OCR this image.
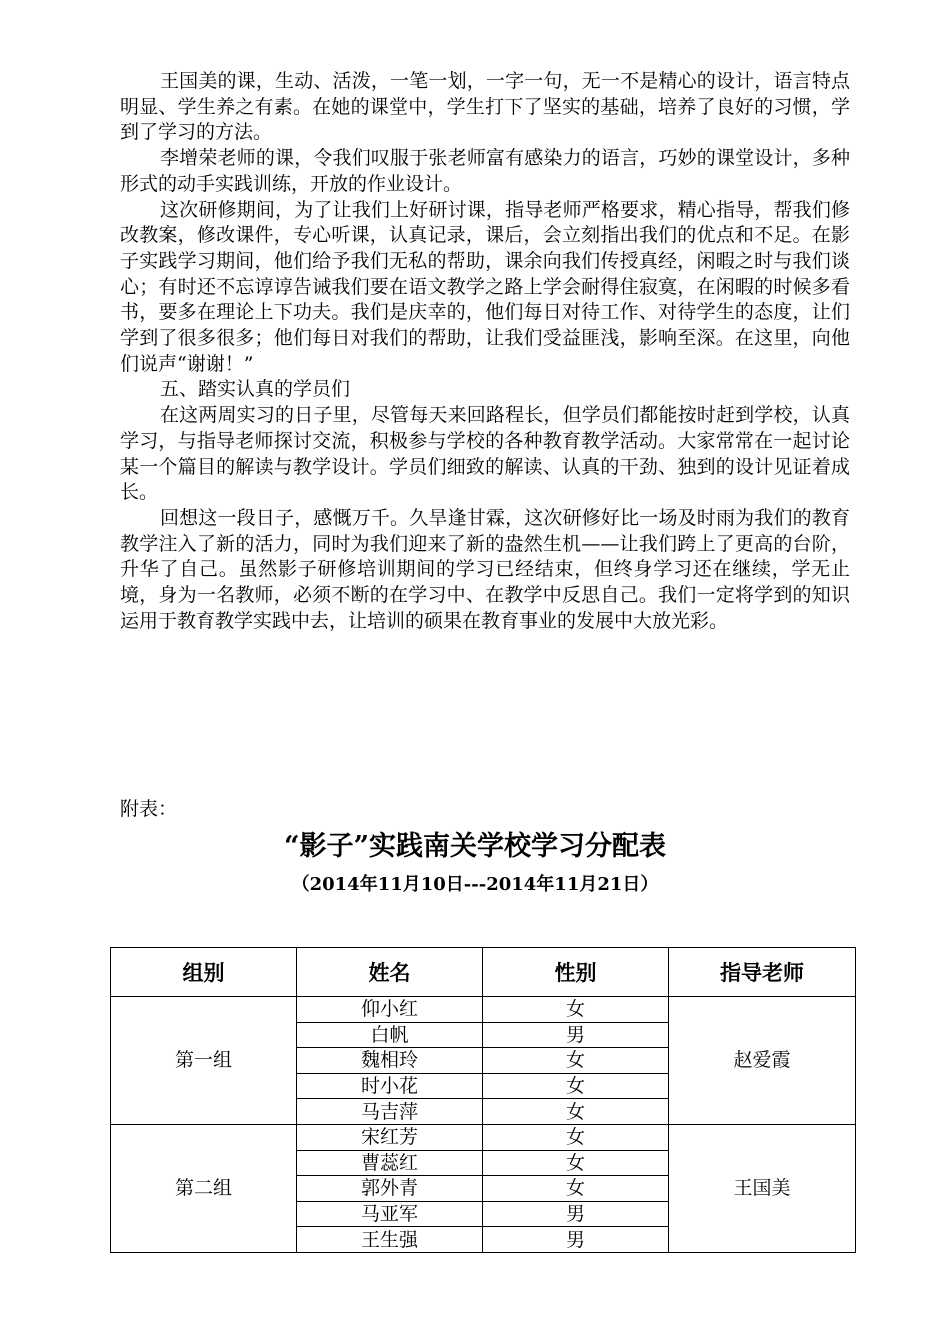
王国美的课，生动、活泼，一笔一划，一字一句，无一不是精心的设计，语言特点明显、学生养之有素。在她的课堂中，学生打下了坚实的基础，培养了良好的习惯，学到了学习的方法。

李增荣老师的课，令我们叹服于张老师富有感染力的语言，巧妙的课堂设计，多种形式的动手实践训练，开放的作业设计。

这次研修期间，为了让我们上好研讨课，指导老师严格要求，精心指导，帮我们修改教案，修改课件，专心听课，认真记录，课后，会立刻指出我们的优点和不足。在影子实践学习期间，他们给予我们无私的帮助，课余向我们传授真经，闲暇之时与我们谈心；有时还不忘谆谆告诫我们要在语文教学之路上学会耐得住寂寞，在闲暇的时候多看书，要多在理论上下功夫。我们是庆幸的，他们每日对待工作、对待学生的态度，让们学到了很多很多；他们每日对我们的帮助，让我们受益匪浅，影响至深。在这里，向他们说声“谢谢！”

五、踏实认真的学员们

在这两周实习的日子里，尽管每天来回路程长，但学员们都能按时赶到学校，认真学习，与指导老师探讨交流，积极参与学校的各种教育教学活动。大家常常在一起讨论某一个篇目的解读与教学设计。学员们细致的解读、认真的干劲、独到的设计见证着成长。

回想这一段日子，感慨万千。久旱逢甘霖，这次研修好比一场及时雨为我们的教育教学注入了新的活力，同时为我们迎来了新的盎然生机——让我们跨上了更高的台阶，升华了自己。虽然影子研修培训期间的学习已经结束，但终身学习还在继续，学无止境，身为一名教师，必须不断的在学习中、在教学中反思自己。我们一定将学到的知识运用于教育教学实践中去，让培训的硕果在教育事业的发展中大放光彩。

附表：
“影子”实践南关学校学习分配表
（2014年11月10日---2014年11月21日）
组别	姓名	性别	指导老师
第一组	仰小红	女	赵爱霞
	白帆	男	
	魏相玲	女	
	时小花	女	
	马吉萍	女	
第二组	宋红芳	女	王国美
	曹蕊红	女	
	郭外青	女	
	马亚军	男	
	王生强	男	
